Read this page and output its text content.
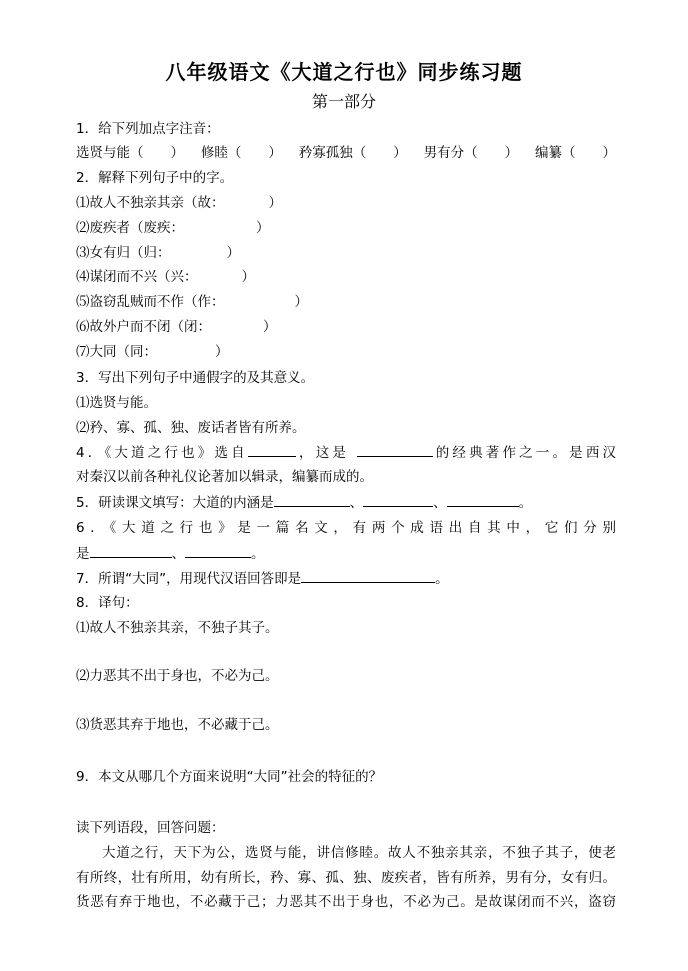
八年级语文《大道之行也》同步练习题
第一部分
1．给下列加点字注音：
选贤与能（　　） 修睦（　　） 矜寡孤独（　　） 男有分（　　） 编纂（　　）
2．解释下列句子中的字。
⑴故人不独亲其亲（故：	）
⑵废疾者（废疾：	）
⑶女有归（归：	）
⑷谋闭而不兴（兴：	）
⑸盗窃乱贼而不作（作：	）
⑹故外户而不闭（闭：	）
⑺大同（同：	）
3．写出下列句子中通假字的及其意义。
⑴选贤与能。
⑵矜、寡、孤、独、废话者皆有所养。
4．《大道之行也》选自	，这是	的经典著作之一。是西汉
对秦汉以前各种礼仪论著加以辑录，编纂而成的。
5．研读课文填写：大道的内涵是	、	、	。
6．《大道之行也》是一篇名文，有两个成语出自其中，它们分别
是	、	。
7．所谓“大同”，用现代汉语回答即是	。
8．译句：
⑴故人不独亲其亲，不独子其子。
⑵力恶其不出于身也，不必为己。
⑶货恶其弃于地也，不必藏于己。
9．本文从哪几个方面来说明“大同”社会的特征的？
读下列语段，回答问题：
大道之行，天下为公，选贤与能，讲信修睦。故人不独亲其亲，不独子其子，使老
有所终，壮有所用，幼有所长，矜、寡、孤、独、废疾者，皆有所养，男有分，女有归。
货恶有弃于地也，不必藏于己；力恶其不出于身也，不必为己。是故谋闭而不兴，盗窃
